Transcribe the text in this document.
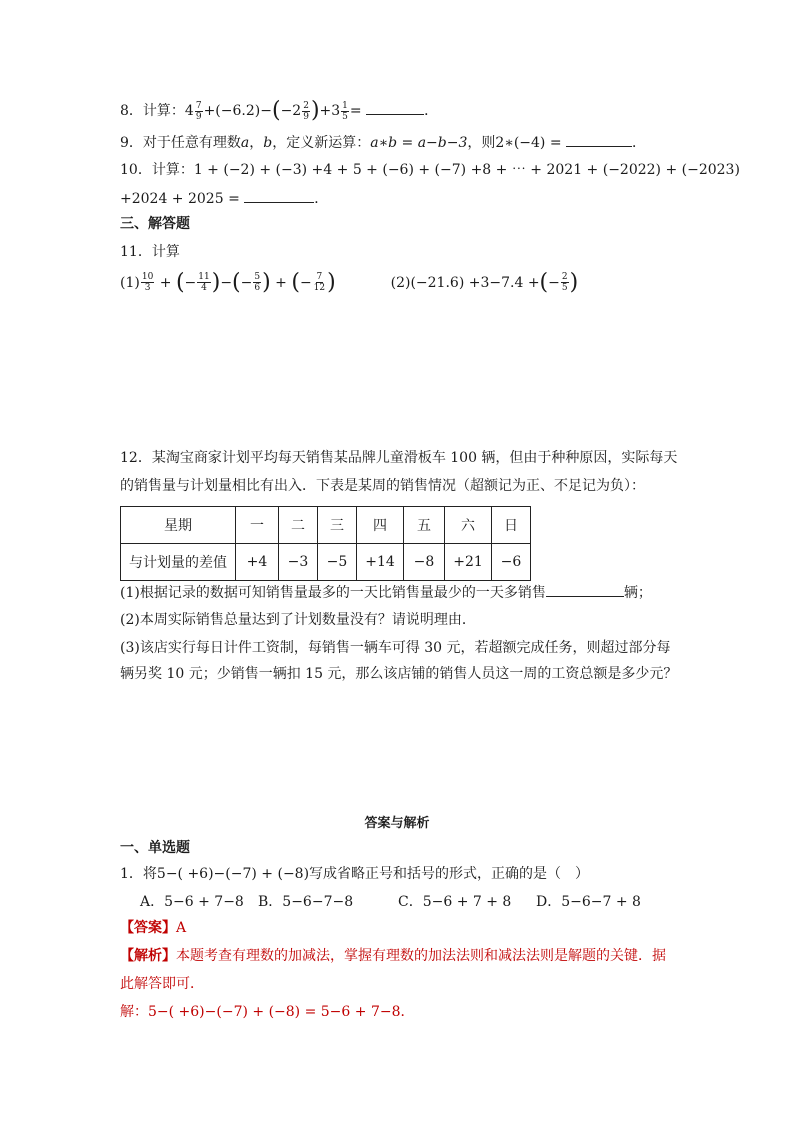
8．计算：$4 \frac{7}{9} +(-6.2)-(-2 \frac{2}{9} )+3 \frac{1}{5}$ =	．
9．对于任意有理数a，b，定义新运算：a∗b = a−b−3，则2∗(−4) =	．
10．计算：1 + (−2) + (−3) +4 + 5 + (−6) + (−7) +8 + ⋯ + 2021 + (−2022) + (−2023)
+2024 + 2025 =	．
三、解答题
11．计算
$(1) \frac{10}{3}$ + (− $\frac{11}{4}$ )−(− $\frac{5}{6}$ ) + (− $\frac{7}{12}$ )	(2)(−21.6) +3−7.4 +(− $\frac{2}{5}$ )
12．某淘宝商家计划平均每天销售某品牌儿童滑板车 100 辆，但由于种种原因，实际每天
的销售量与计划量相比有出入．下表是某周的销售情况（超额记为正、不足记为负）：
星期	一	二	三	四	五	六	日
与计划量的差值	+4	−3	−5	+14	−8	+21	−6
(1)根据记录的数据可知销售量最多的一天比销售量最少的一天多销售	辆；
(2)本周实际销售总量达到了计划数量没有？请说明理由．
(3)该店实行每日计件工资制，每销售一辆车可得 30 元，若超额完成任务，则超过部分每
辆另奖 10 元；少销售一辆扣 15 元，那么该店铺的销售人员这一周的工资总额是多少元？
答案与解析
一、单选题
1．将5−( +6)−(−7) + (−8)写成省略正号和括号的形式，正确的是（　）
A．5−6 + 7−8 B．5−6−7−8	C．5−6 + 7 + 8 D．5−6−7 + 8
【答案】A
【解析】本题考查有理数的加减法，掌握有理数的加法法则和减法法则是解题的关键．据
此解答即可．
解：5−( +6)−(−7) + (−8) = 5−6 + 7−8．
